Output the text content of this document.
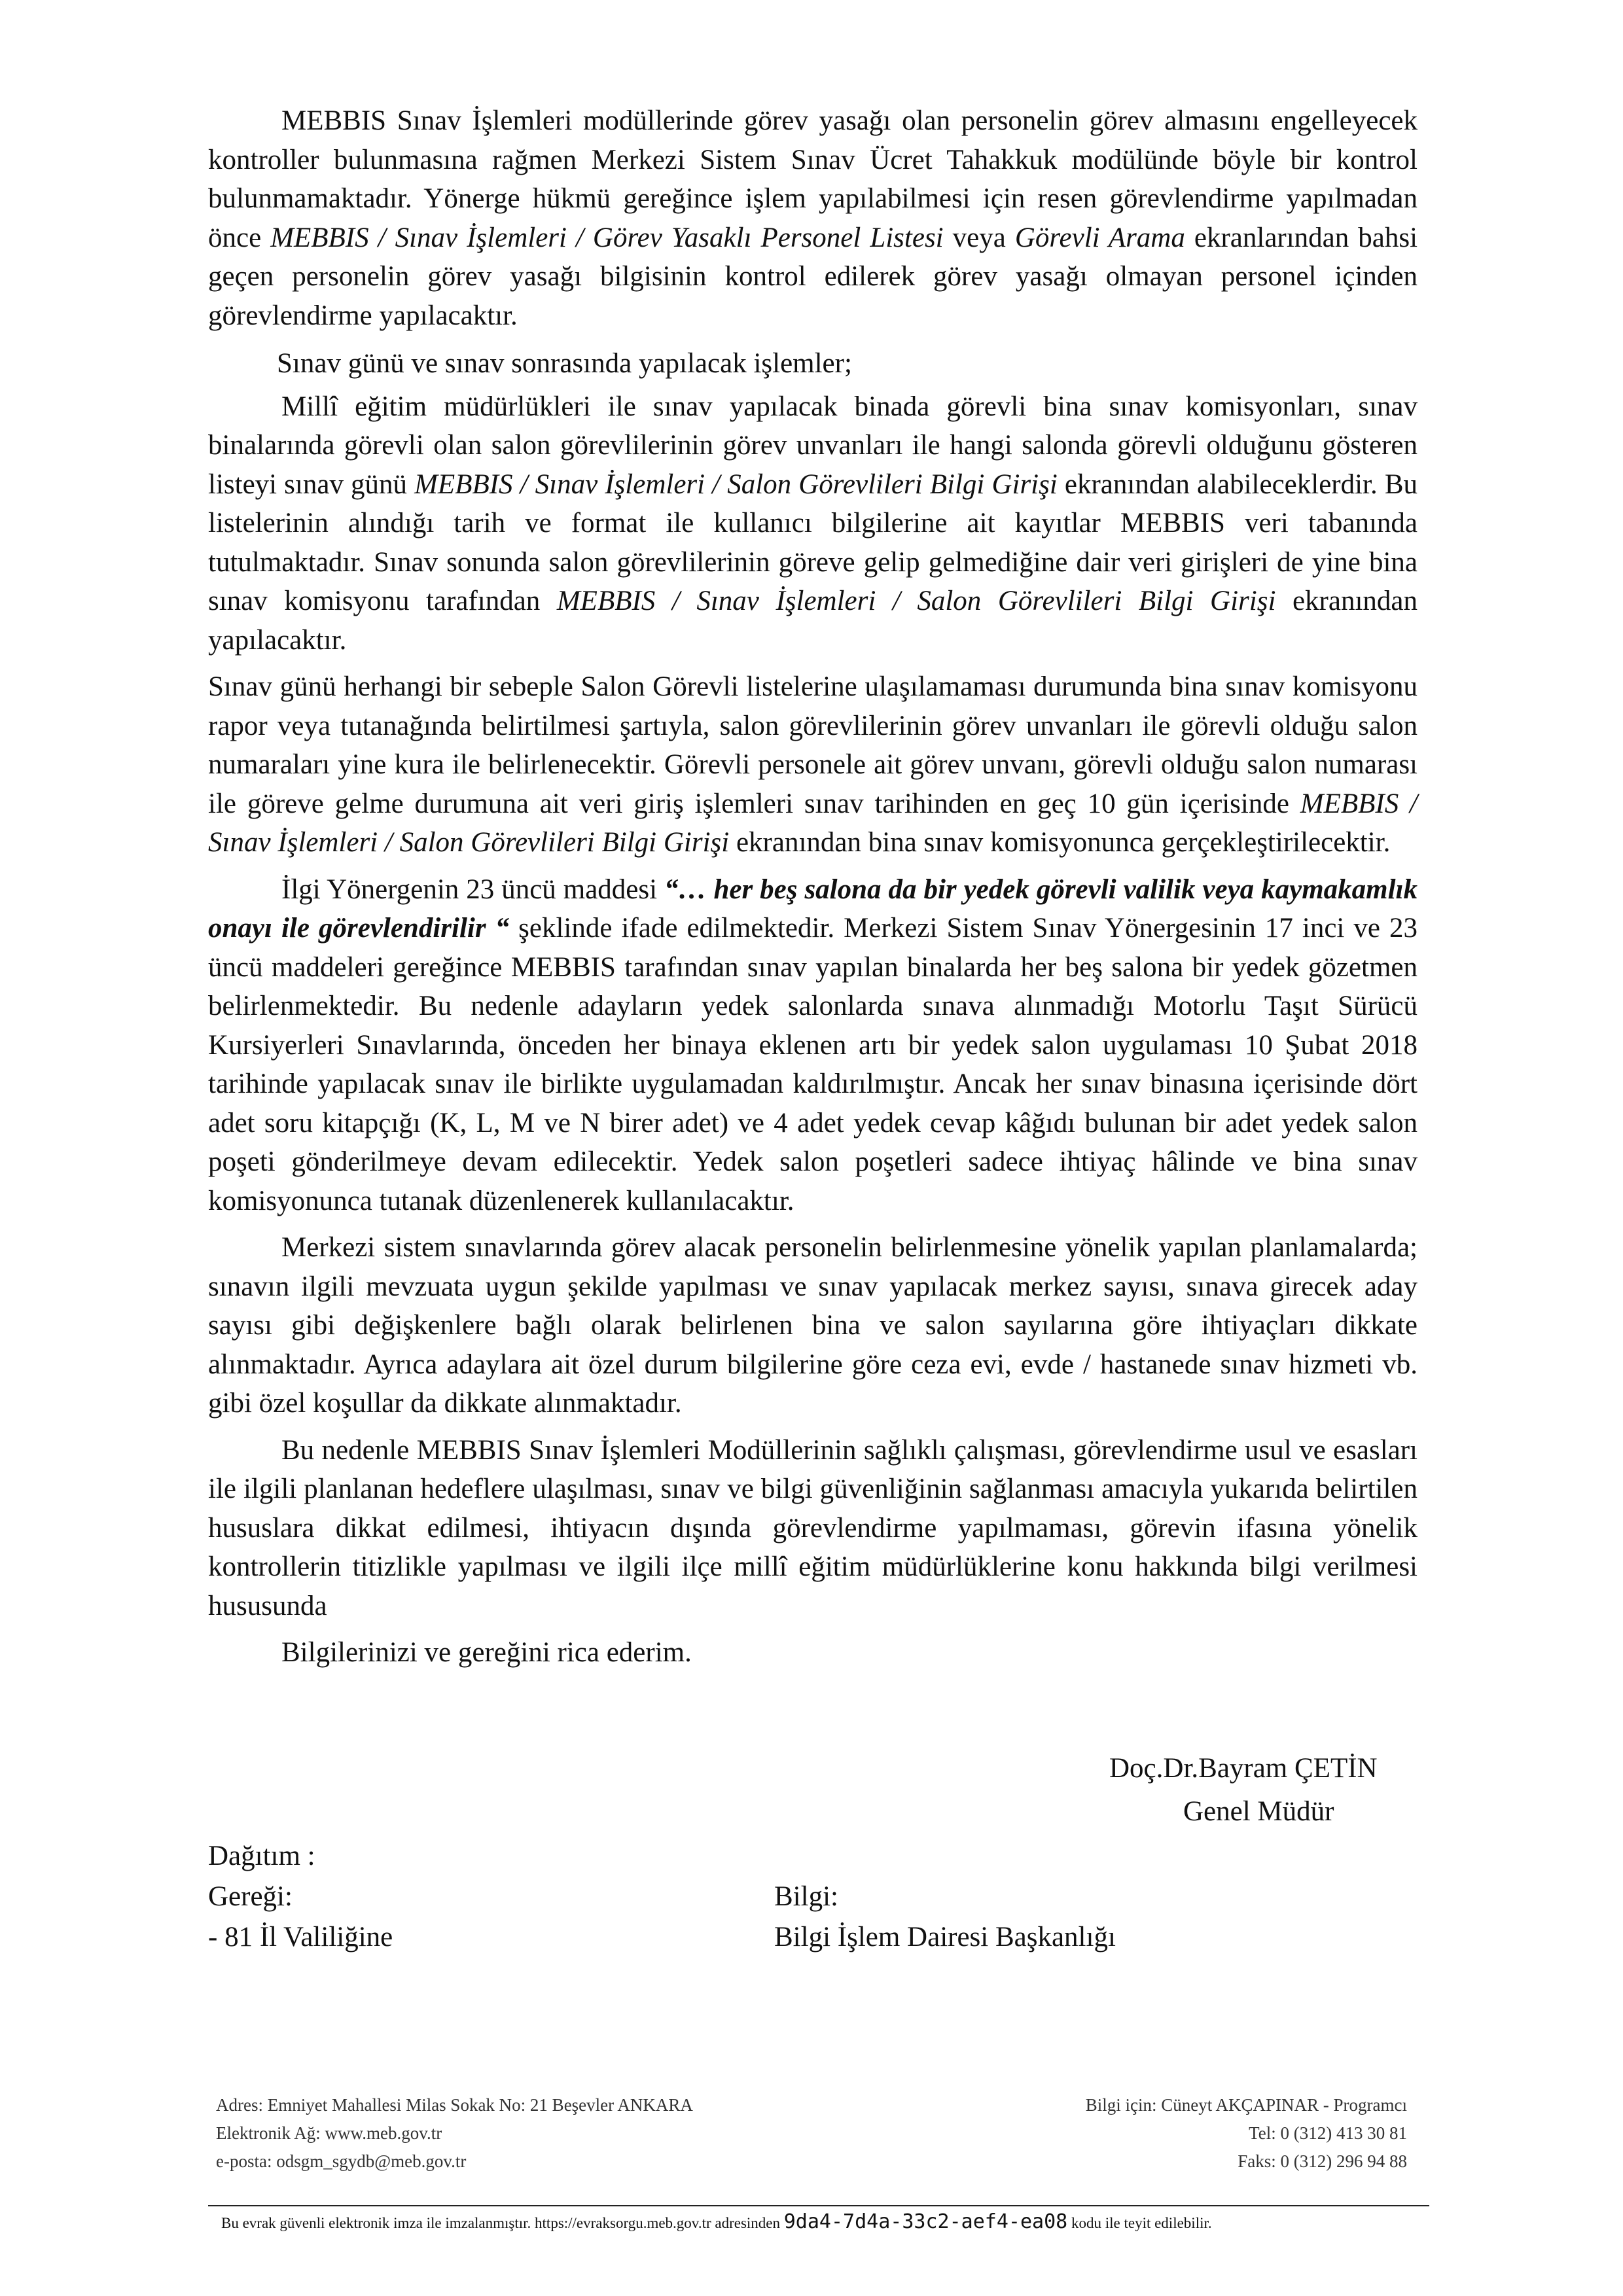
MEBBIS Sınav İşlemleri modüllerinde görev yasağı olan personelin görev almasını engelleyecek kontroller bulunmasına rağmen Merkezi Sistem Sınav Ücret Tahakkuk modülünde böyle bir kontrol bulunmamaktadır. Yönerge hükmü gereğince işlem yapılabilmesi için resen görevlendirme yapılmadan önce MEBBIS / Sınav İşlemleri / Görev Yasaklı Personel Listesi veya Görevli Arama ekranlarından bahsi geçen personelin görev yasağı bilgisinin kontrol edilerek görev yasağı olmayan personel içinden görevlendirme yapılacaktır.

Sınav günü ve sınav sonrasında yapılacak işlemler;

Millî eğitim müdürlükleri ile sınav yapılacak binada görevli bina sınav komisyonları, sınav binalarında görevli olan salon görevlilerinin görev unvanları ile hangi salonda görevli olduğunu gösteren listeyi sınav günü MEBBIS / Sınav İşlemleri / Salon Görevlileri Bilgi Girişi ekranından alabileceklerdir. Bu listelerinin alındığı tarih ve format ile kullanıcı bilgilerine ait kayıtlar MEBBIS veri tabanında tutulmaktadır. Sınav sonunda salon görevlilerinin göreve gelip gelmediğine dair veri girişleri de yine bina sınav komisyonu tarafından MEBBIS / Sınav İşlemleri / Salon Görevlileri Bilgi Girişi ekranından yapılacaktır.

Sınav günü herhangi bir sebeple Salon Görevli listelerine ulaşılamaması durumunda bina sınav komisyonu rapor veya tutanağında belirtilmesi şartıyla, salon görevlilerinin görev unvanları ile görevli olduğu salon numaraları yine kura ile belirlenecektir. Görevli personele ait görev unvanı, görevli olduğu salon numarası ile göreve gelme durumuna ait veri giriş işlemleri sınav tarihinden en geç 10 gün içerisinde MEBBIS / Sınav İşlemleri / Salon Görevlileri Bilgi Girişi ekranından bina sınav komisyonunca gerçekleştirilecektir.

İlgi Yönergenin 23 üncü maddesi “… her beş salona da bir yedek görevli valilik veya kaymakamlık onayı ile görevlendirilir “ şeklinde ifade edilmektedir. Merkezi Sistem Sınav Yönergesinin 17 inci ve 23 üncü maddeleri gereğince MEBBIS tarafından sınav yapılan binalarda her beş salona bir yedek gözetmen belirlenmektedir. Bu nedenle adayların yedek salonlarda sınava alınmadığı Motorlu Taşıt Sürücü Kursiyerleri Sınavlarında, önceden her binaya eklenen artı bir yedek salon uygulaması 10 Şubat 2018 tarihinde yapılacak sınav ile birlikte uygulamadan kaldırılmıştır. Ancak her sınav binasına içerisinde dört adet soru kitapçığı (K, L, M ve N birer adet) ve 4 adet yedek cevap kâğıdı bulunan bir adet yedek salon poşeti gönderilmeye devam edilecektir. Yedek salon poşetleri sadece ihtiyaç hâlinde ve bina sınav komisyonunca tutanak düzenlenerek kullanılacaktır.

Merkezi sistem sınavlarında görev alacak personelin belirlenmesine yönelik yapılan planlamalarda; sınavın ilgili mevzuata uygun şekilde yapılması ve sınav yapılacak merkez sayısı, sınava girecek aday sayısı gibi değişkenlere bağlı olarak belirlenen bina ve salon sayılarına göre ihtiyaçları dikkate alınmaktadır. Ayrıca adaylara ait özel durum bilgilerine göre ceza evi, evde / hastanede sınav hizmeti vb. gibi özel koşullar da dikkate alınmaktadır.

Bu nedenle MEBBIS Sınav İşlemleri Modüllerinin sağlıklı çalışması, görevlendirme usul ve esasları ile ilgili planlanan hedeflere ulaşılması, sınav ve bilgi güvenliğinin sağlanması amacıyla yukarıda belirtilen hususlara dikkat edilmesi, ihtiyacın dışında görevlendirme yapılmaması, görevin ifasına yönelik kontrollerin titizlikle yapılması ve ilgili ilçe millî eğitim müdürlüklerine konu hakkında bilgi verilmesi hususunda

Bilgilerinizi ve gereğini rica ederim.

Doç.Dr.Bayram ÇETİN
Genel Müdür
Dağıtım :
Gereği:
- 81 İl Valiliğine
Bilgi:
Bilgi İşlem Dairesi Başkanlığı
Adres: Emniyet Mahallesi Milas Sokak No: 21 Beşevler ANKARA
Elektronik Ağ: www.meb.gov.tr
e-posta: odsgm_sgydb@meb.gov.tr
Bilgi için: Cüneyt AKÇAPINAR - Programcı
Tel: 0 (312) 413 30 81
Faks: 0 (312) 296 94 88
Bu evrak güvenli elektronik imza ile imzalanmıştır. https://evraksorgu.meb.gov.tr adresinden 9da4-7d4a-33c2-aef4-ea08 kodu ile teyit edilebilir.
